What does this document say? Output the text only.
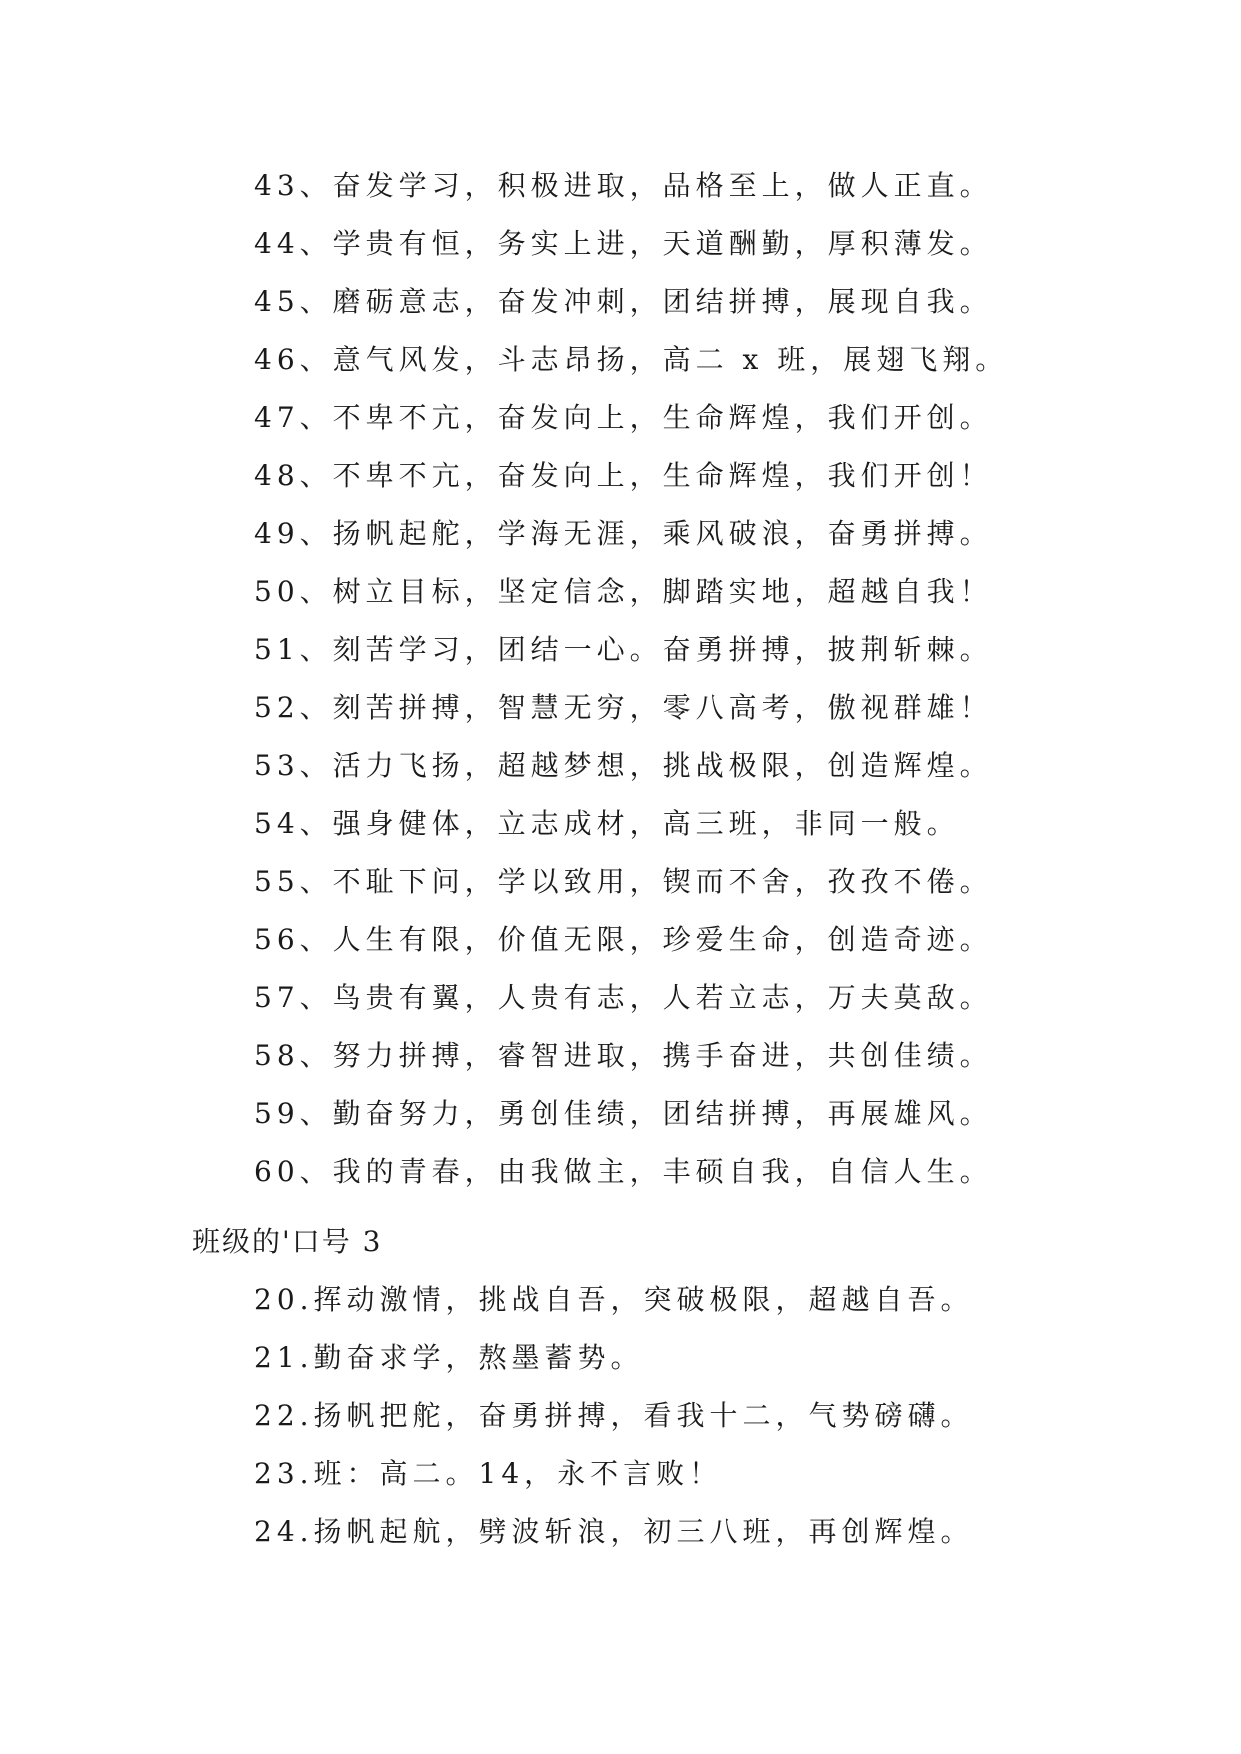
43、奋发学习，积极进取，品格至上，做人正直。
44、学贵有恒，务实上进，天道酬勤，厚积薄发。
45、磨砺意志，奋发冲刺，团结拼搏，展现自我。
46、意气风发，斗志昂扬，高二 x 班，展翅飞翔。
47、不卑不亢，奋发向上，生命辉煌，我们开创。
48、不卑不亢，奋发向上，生命辉煌，我们开创！
49、扬帆起舵，学海无涯，乘风破浪，奋勇拼搏。
50、树立目标，坚定信念，脚踏实地，超越自我！
51、刻苦学习，团结一心。奋勇拼搏，披荆斩棘。
52、刻苦拼搏，智慧无穷，零八高考，傲视群雄！
53、活力飞扬，超越梦想，挑战极限，创造辉煌。
54、强身健体，立志成材，高三班，非同一般。
55、不耻下问，学以致用，锲而不舍，孜孜不倦。
56、人生有限，价值无限，珍爱生命，创造奇迹。
57、鸟贵有翼，人贵有志，人若立志，万夫莫敌。
58、努力拼搏，睿智进取，携手奋进，共创佳绩。
59、勤奋努力，勇创佳绩，团结拼搏，再展雄风。
60、我的青春，由我做主，丰硕自我，自信人生。
班级的'口号 3
20.挥动激情，挑战自吾，突破极限，超越自吾。
21.勤奋求学，熬墨蓄势。
22.扬帆把舵，奋勇拼搏，看我十二，气势磅礴。
23.班：高二。14，永不言败！
24.扬帆起航，劈波斩浪，初三八班，再创辉煌。
